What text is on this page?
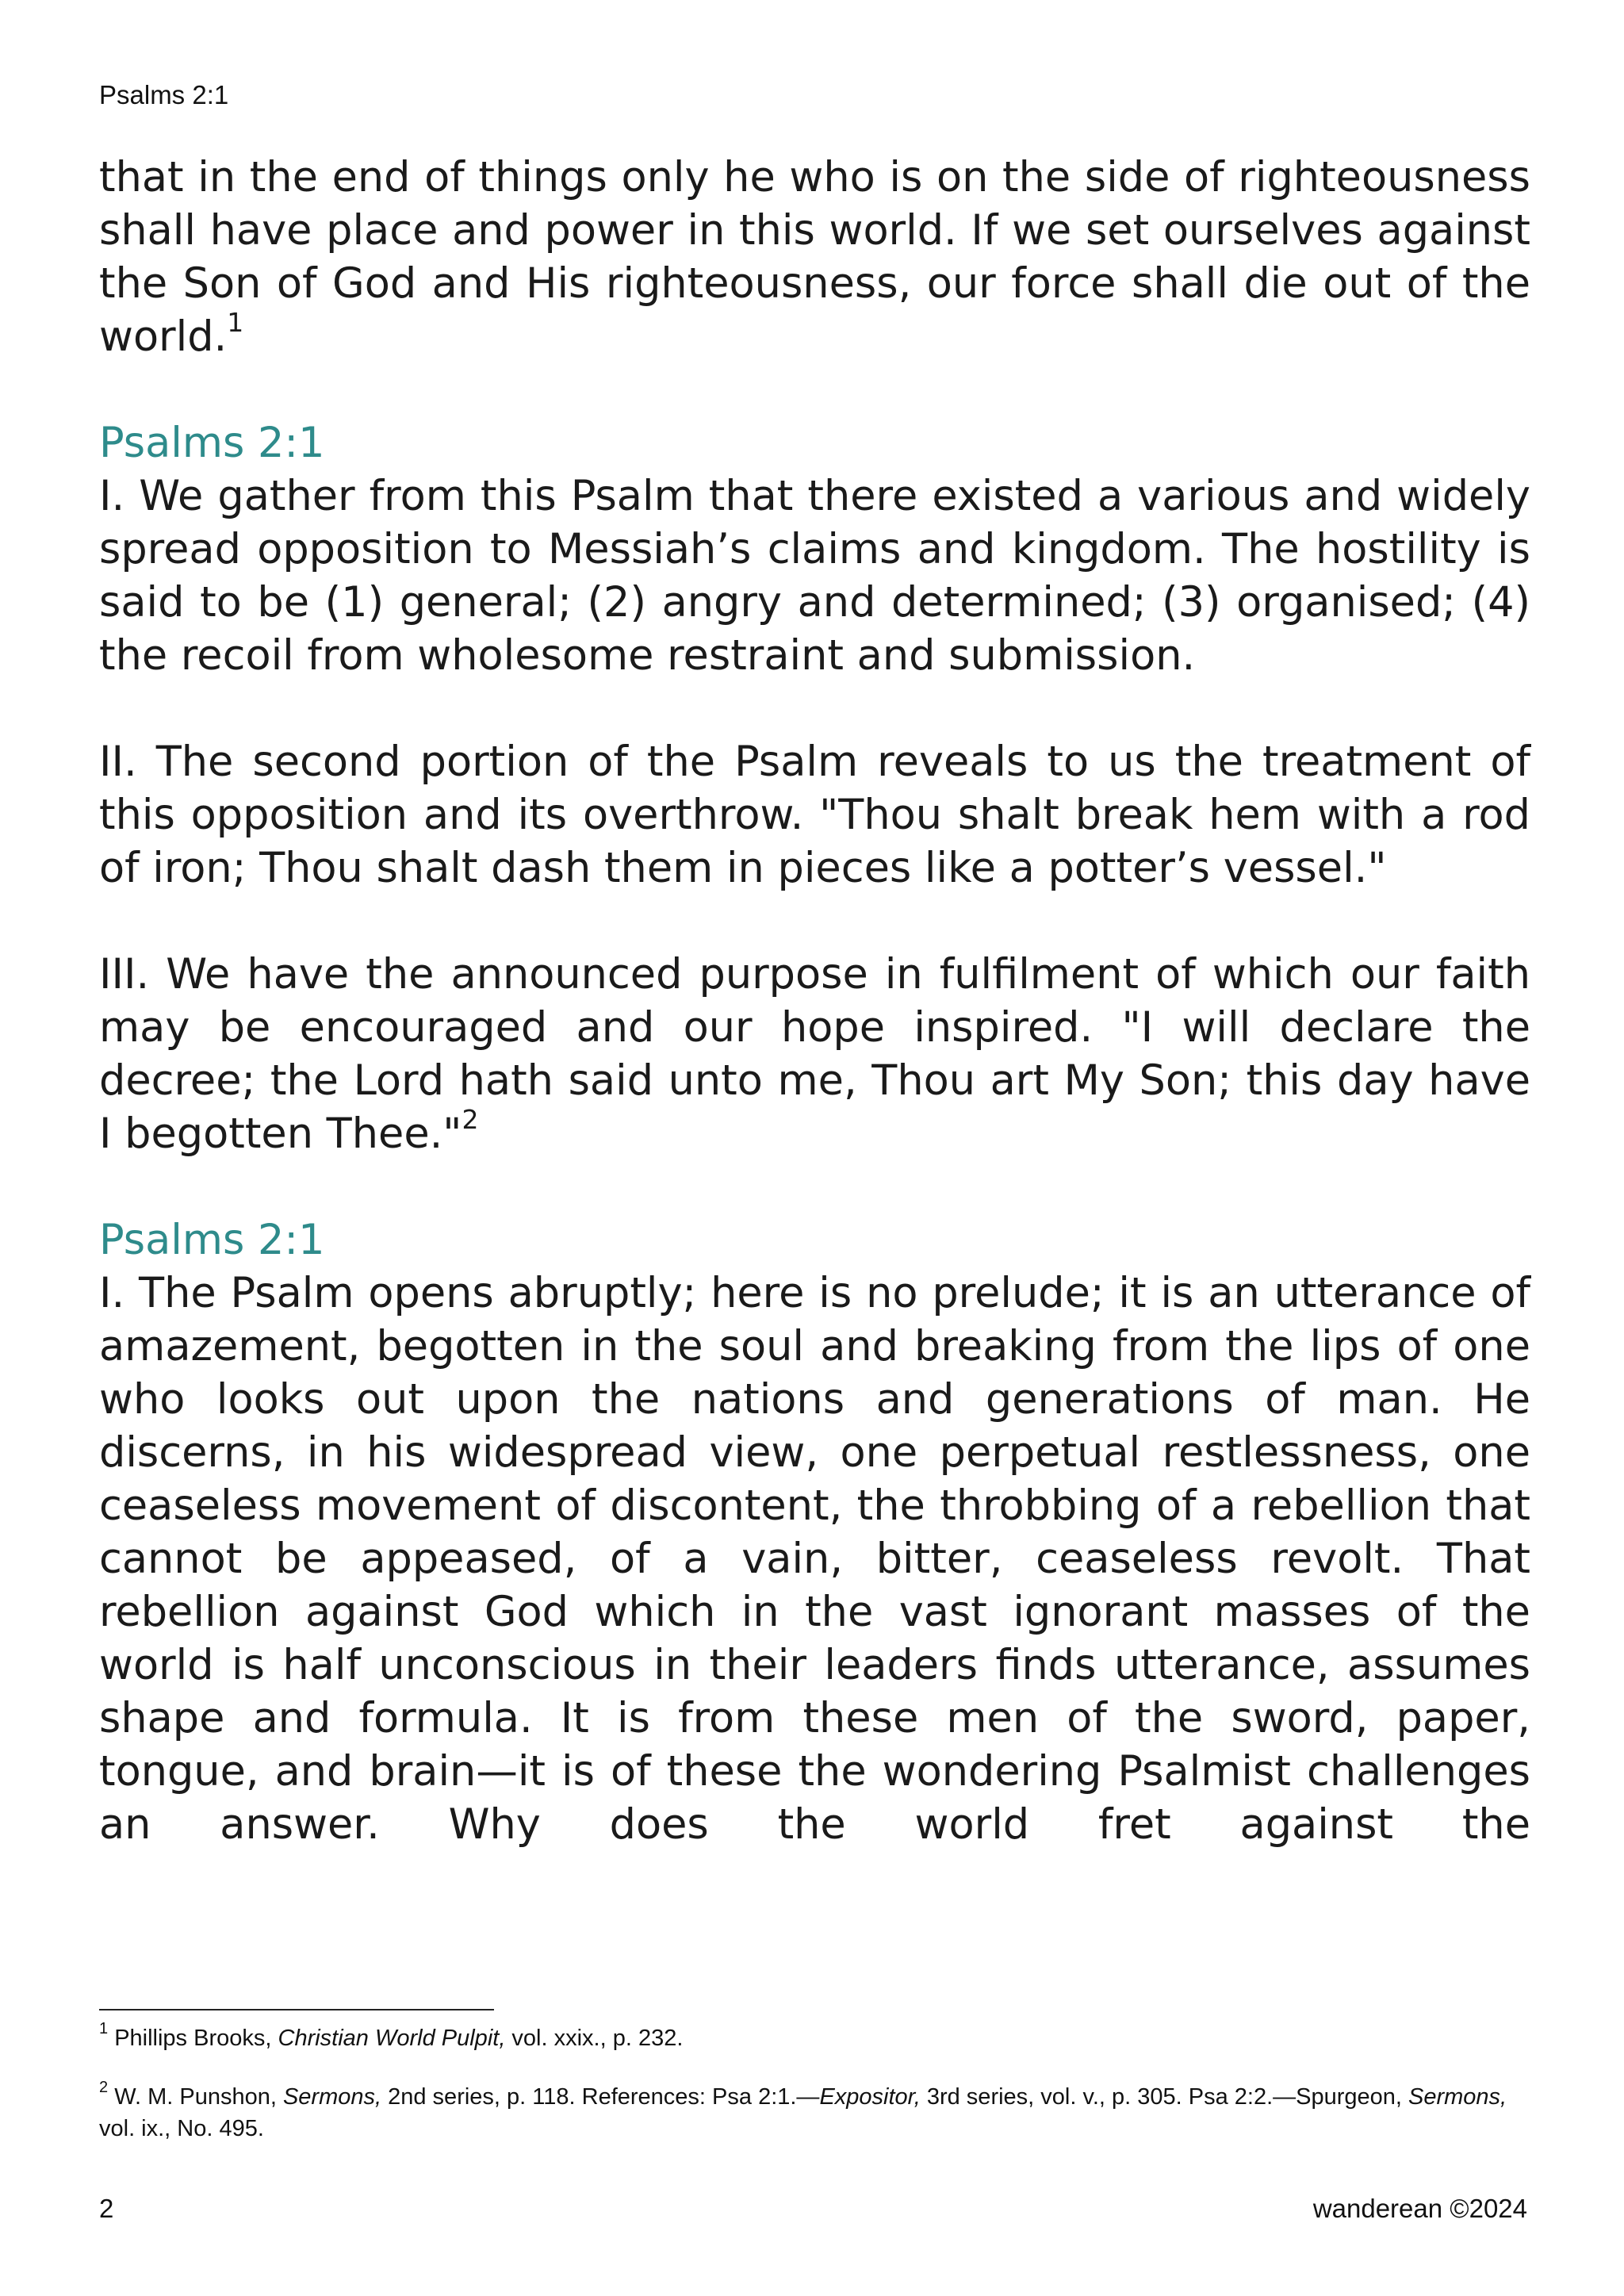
Psalms 2:1

that in the end of things only he who is on the side of righteousness shall have place and power in this world. If we set ourselves against the Son of God and His righteousness, our force shall die out of the world.$^1$

Psalms 2:1

I. We gather from this Psalm that there existed a various and widely spread opposition to Messiah’s claims and kingdom. The hostility is said to be (1) general; (2) angry and determined; (3) organised; (4) the recoil from wholesome restraint and submission.

II. The second portion of the Psalm reveals to us the treatment of this opposition and its overthrow. "Thou shalt break hem with a rod of iron; Thou shalt dash them in pieces like a potter’s vessel."

III. We have the announced purpose in fulfilment of which our faith may be encouraged and our hope inspired. "I will declare the decree; the Lord hath said unto me, Thou art My Son; this day have I begotten Thee."$^2$

Psalms 2:1

I. The Psalm opens abruptly; here is no prelude; it is an utterance of amazement, begotten in the soul and breaking from the lips of one who looks out upon the nations and generations of man. He discerns, in his widespread view, one perpetual restlessness, one ceaseless movement of discontent, the throbbing of a rebellion that cannot be appeased, of a vain, bitter, ceaseless revolt. That rebellion against God which in the vast ignorant masses of the world is half unconscious in their leaders finds utterance, assumes shape and formula. It is from these men of the sword, paper, tongue, and brain—it is of these the wondering Psalmist challenges an answer. Why does the world fret against the

$^1$ Phillips Brooks, Christian World Pulpit, vol. xxix., p. 232.

$^2$ W. M. Punshon, Sermons, 2nd series, p. 118. References: Psa 2:1.—Expositor, 3rd series, vol. v., p. 305. Psa 2:2.—Spurgeon, Sermons, vol. ix., No. 495.

2	wanderean ©2024
